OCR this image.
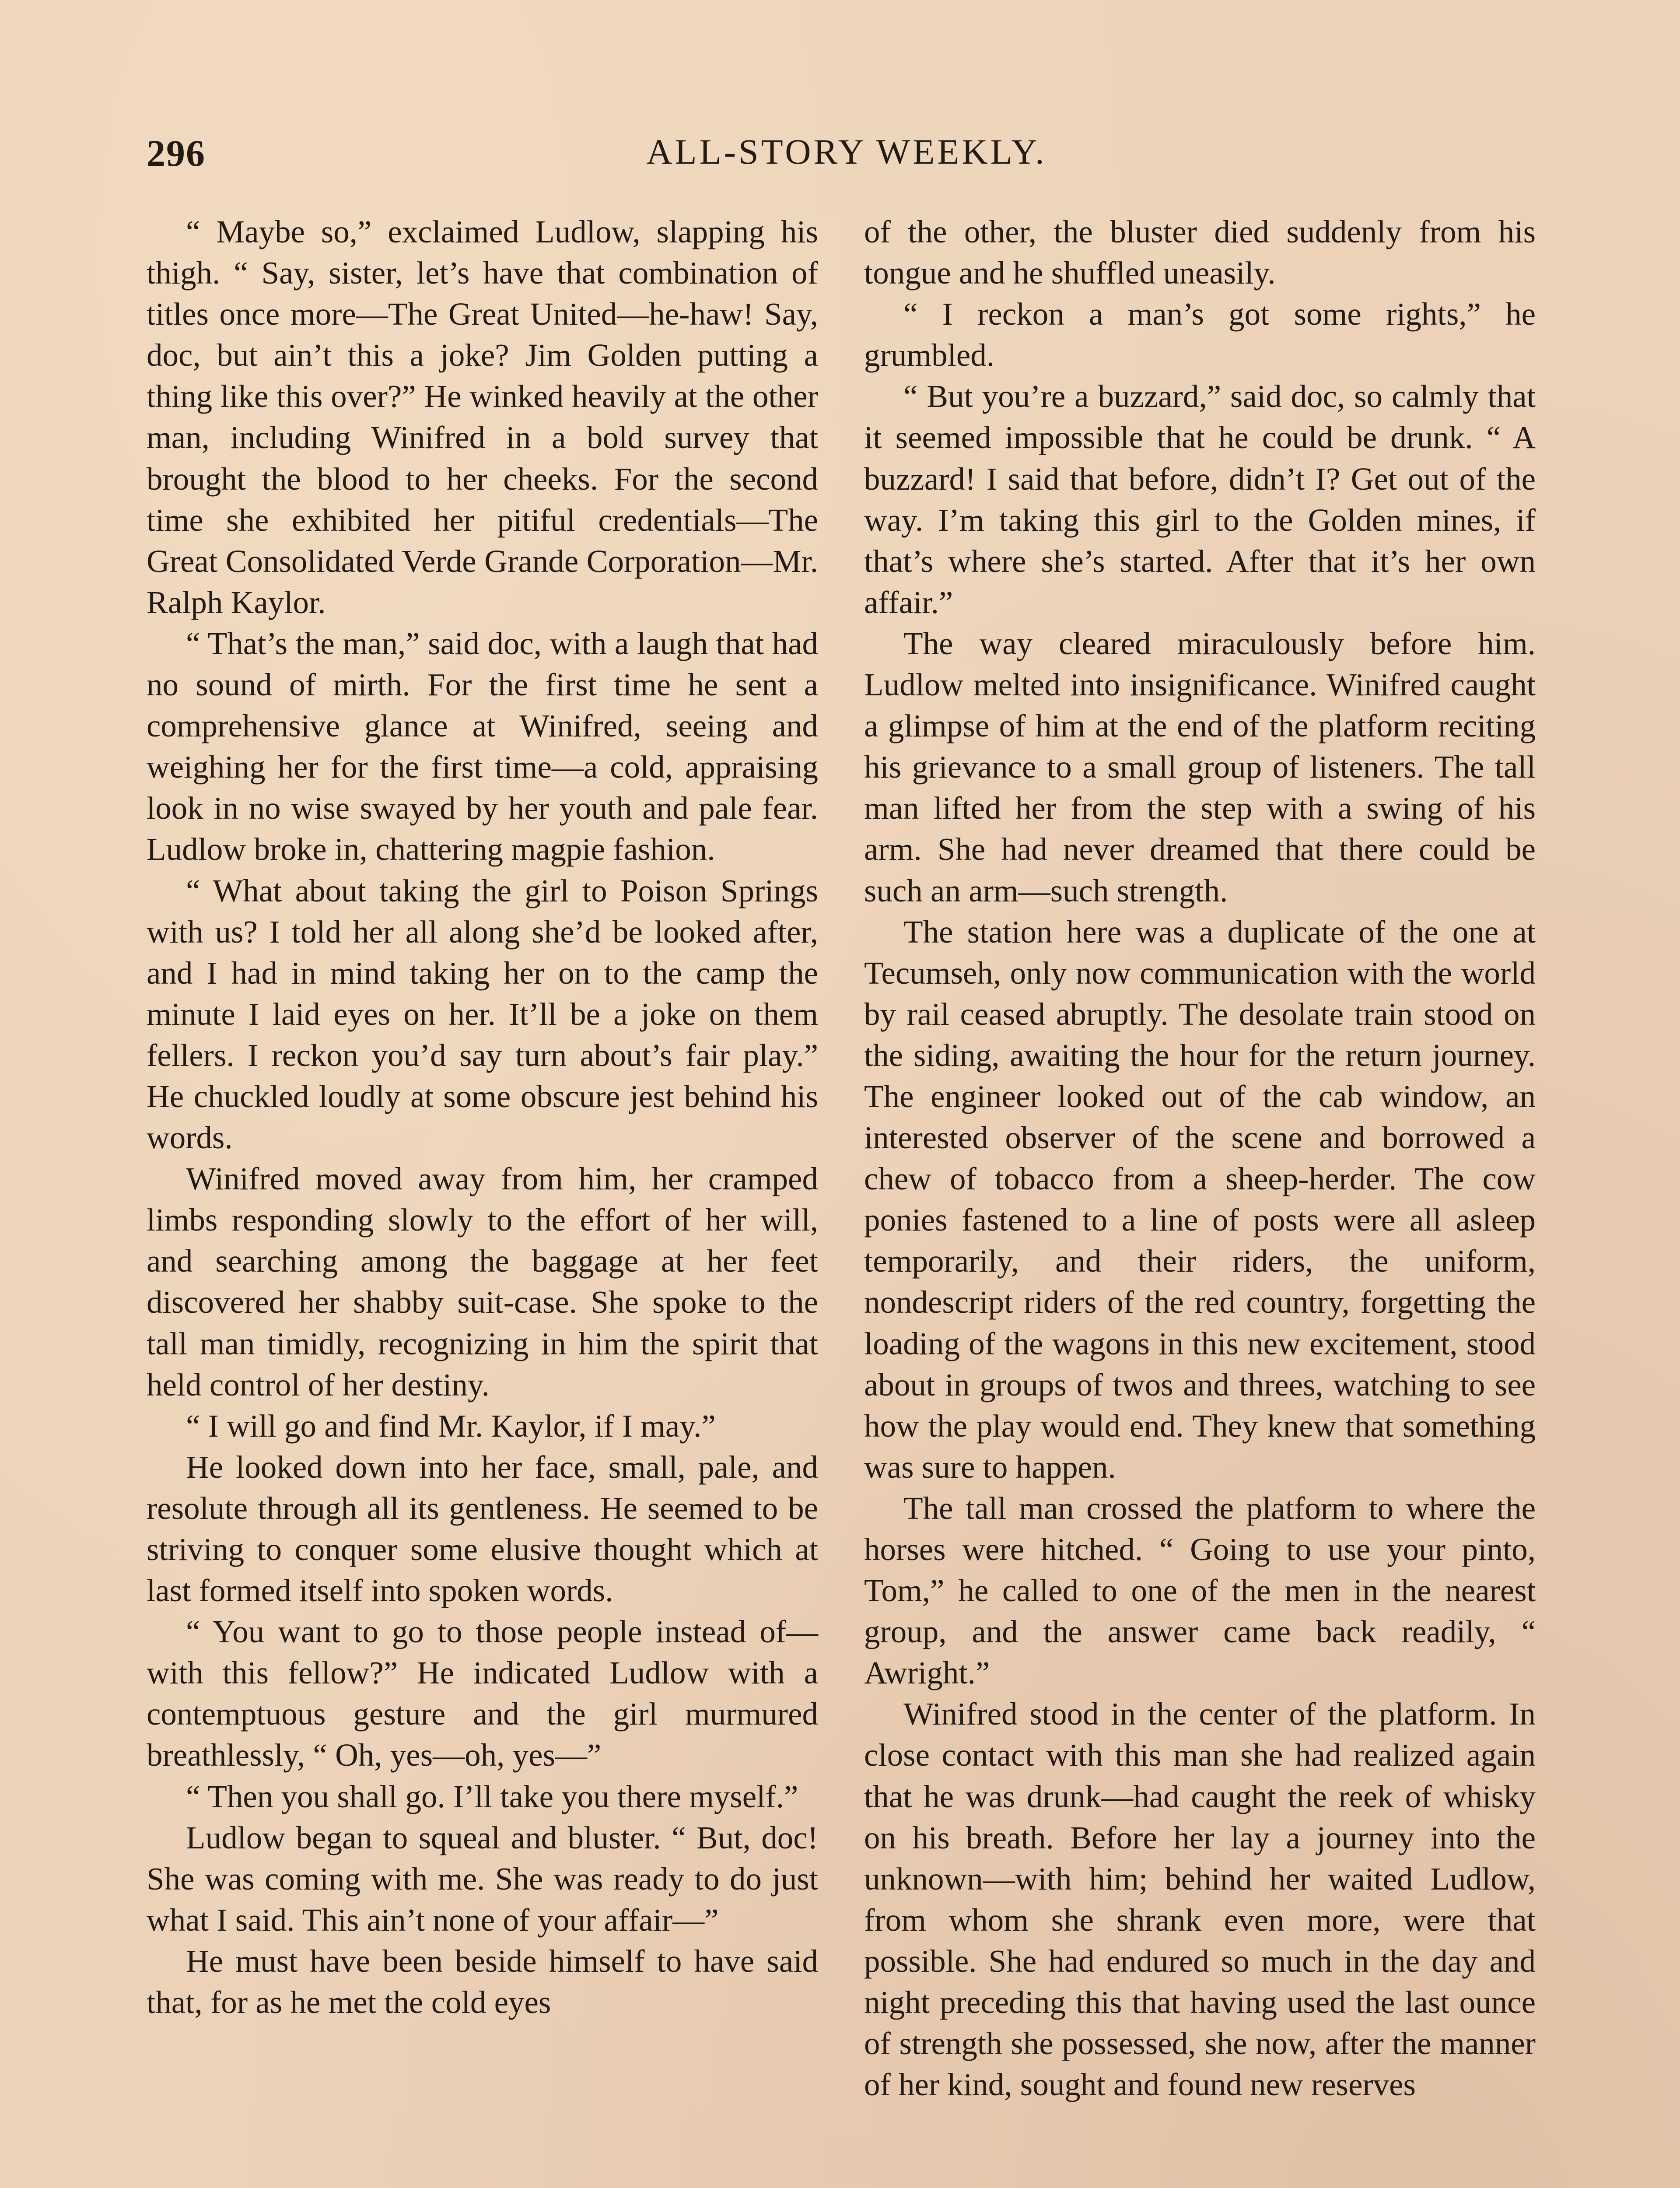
296	ALL-STORY WEEKLY.

“ Maybe so,” exclaimed Ludlow, slapping his thigh. “ Say, sister, let’s have that combination of titles once more—The Great United—he-haw! Say, doc, but ain’t this a joke? Jim Golden putting a thing like this over?” He winked heavily at the other man, including Winifred in a bold survey that brought the blood to her cheeks. For the second time she exhibited her pitiful credentials—The Great Consolidated Verde Grande Corporation—Mr. Ralph Kaylor.

“ That’s the man,” said doc, with a laugh that had no sound of mirth. For the first time he sent a comprehensive glance at Winifred, seeing and weighing her for the first time—a cold, appraising look in no wise swayed by her youth and pale fear. Ludlow broke in, chattering magpie fashion.

“ What about taking the girl to Poison Springs with us? I told her all along she’d be looked after, and I had in mind taking her on to the camp the minute I laid eyes on her. It’ll be a joke on them fellers. I reckon you’d say turn about’s fair play.” He chuckled loudly at some obscure jest behind his words.

Winifred moved away from him, her cramped limbs responding slowly to the effort of her will, and searching among the baggage at her feet discovered her shabby suit-case. She spoke to the tall man timidly, recognizing in him the spirit that held control of her destiny.

“ I will go and find Mr. Kaylor, if I may.”

He looked down into her face, small, pale, and resolute through all its gentleness. He seemed to be striving to conquer some elusive thought which at last formed itself into spoken words.

“ You want to go to those people instead of—with this fellow?” He indicated Ludlow with a contemptuous gesture and the girl murmured breathlessly, “ Oh, yes—oh, yes—”

“ Then you shall go. I’ll take you there myself.”

Ludlow began to squeal and bluster. “ But, doc! She was coming with me. She was ready to do just what I said. This ain’t none of your affair—”

He must have been beside himself to have said that, for as he met the cold eyes

of the other, the bluster died suddenly from his tongue and he shuffled uneasily.

“ I reckon a man’s got some rights,” he grumbled.

“ But you’re a buzzard,” said doc, so calmly that it seemed impossible that he could be drunk. “ A buzzard! I said that before, didn’t I? Get out of the way. I’m taking this girl to the Golden mines, if that’s where she’s started. After that it’s her own affair.”

The way cleared miraculously before him. Ludlow melted into insignificance. Winifred caught a glimpse of him at the end of the platform reciting his grievance to a small group of listeners. The tall man lifted her from the step with a swing of his arm. She had never dreamed that there could be such an arm—such strength.

The station here was a duplicate of the one at Tecumseh, only now communication with the world by rail ceased abruptly. The desolate train stood on the siding, awaiting the hour for the return journey. The engineer looked out of the cab window, an interested observer of the scene and borrowed a chew of tobacco from a sheep-herder. The cow ponies fastened to a line of posts were all asleep temporarily, and their riders, the uniform, nondescript riders of the red country, forgetting the loading of the wagons in this new excitement, stood about in groups of twos and threes, watching to see how the play would end. They knew that something was sure to happen.

The tall man crossed the platform to where the horses were hitched. “ Going to use your pinto, Tom,” he called to one of the men in the nearest group, and the answer came back readily, “ Awright.”

Winifred stood in the center of the platform. In close contact with this man she had realized again that he was drunk—had caught the reek of whisky on his breath. Before her lay a journey into the unknown—with him; behind her waited Ludlow, from whom she shrank even more, were that possible. She had endured so much in the day and night preceding this that having used the last ounce of strength she possessed, she now, after the manner of her kind, sought and found new reserves
